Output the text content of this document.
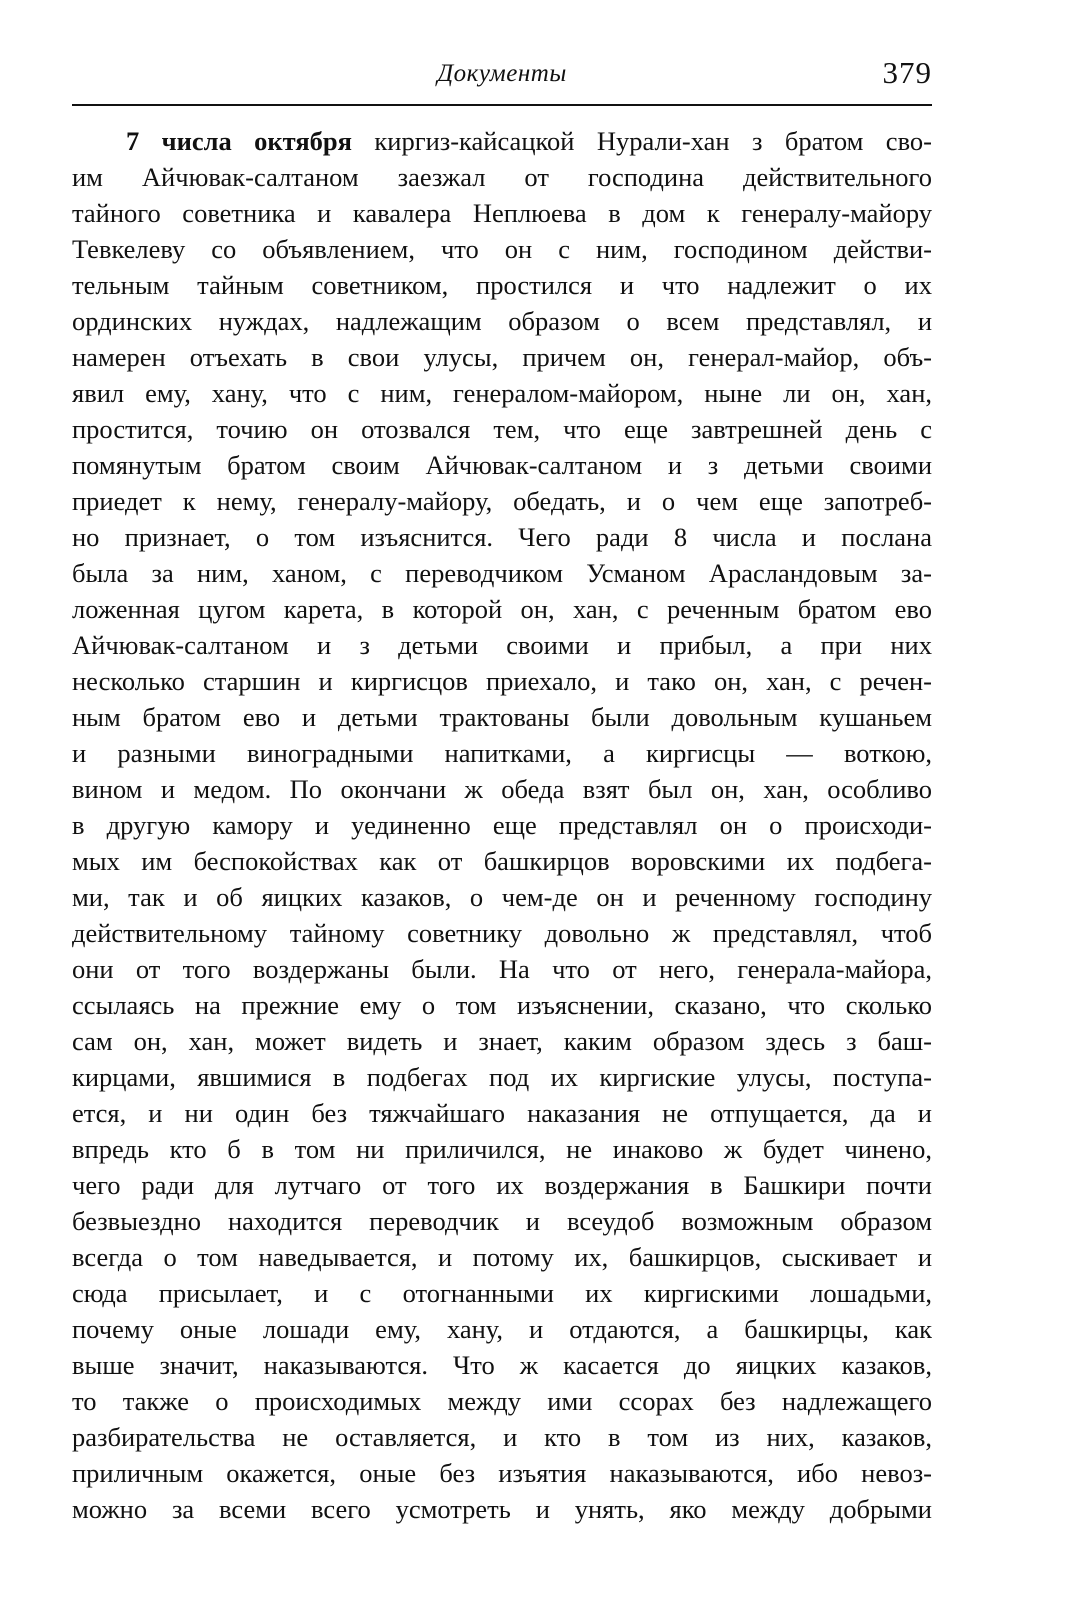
Документы	379
7 числа октября киргиз-кайсацкой Нурали-хан з братом сво-
им Айчювак-салтаном заезжал от господина действительного
тайного советника и кавалера Неплюева в дом к генералу-майору
Тевкелеву со объявлением, что он с ним, господином действи-
тельным тайным советником, простился и что надлежит о их
ординских нуждах, надлежащим образом о всем представлял, и
намерен отъехать в свои улусы, причем он, генерал-майор, объ-
явил ему, хану, что с ним, генералом-майором, ныне ли он, хан,
простится, точию он отозвался тем, что еще завтрешней день с
помянутым братом своим Айчювак-салтаном и з детьми своими
приедет к нему, генералу-майору, обедать, и о чем еще запотреб-
но признает, о том изъяснится. Чего ради 8 числа и послана
была за ним, ханом, с переводчиком Усманом Арасландовым за-
ложенная цугом карета, в которой он, хан, с реченным братом ево
Айчювак-салтаном и з детьми своими и прибыл, а при них
несколько старшин и киргисцов приехало, и тако он, хан, с речен-
ным братом ево и детьми трактованы были довольным кушаньем
и разными виноградными напитками, а киргисцы — воткою,
вином и медом. По окончани ж обеда взят был он, хан, особливо
в другую камору и уединенно еще представлял он о происходи-
мых им беспокойствах как от башкирцов воровскими их подбега-
ми, так и об яицких казаков, о чем-де он и реченному господину
действительному тайному советнику довольно ж представлял, чтоб
они от того воздержаны были. На что от него, генерала-майора,
ссылаясь на прежние ему о том изъяснении, сказано, что сколько
сам он, хан, может видеть и знает, каким образом здесь з баш-
кирцами, явшимися в подбегах под их киргиские улусы, поступа-
ется, и ни один без тяжчайшаго наказания не отпущается, да и
впредь кто б в том ни приличился, не инаково ж будет чинено,
чего ради для лутчаго от того их воздержания в Башкири почти
безвыездно находится переводчик и всеудоб возможным образом
всегда о том наведывается, и потому их, башкирцов, сыскивает и
сюда присылает, и с отогнанными их киргискими лошадьми,
почему оные лошади ему, хану, и отдаются, а башкирцы, как
выше значит, наказываются. Что ж касается до яицких казаков,
то также о происходимых между ими ссорах без надлежащего
разбирательства не оставляется, и кто в том из них, казаков,
приличным окажется, оные без изъятия наказываются, ибо невоз-
можно за всеми всего усмотреть и унять, яко между добрыми
